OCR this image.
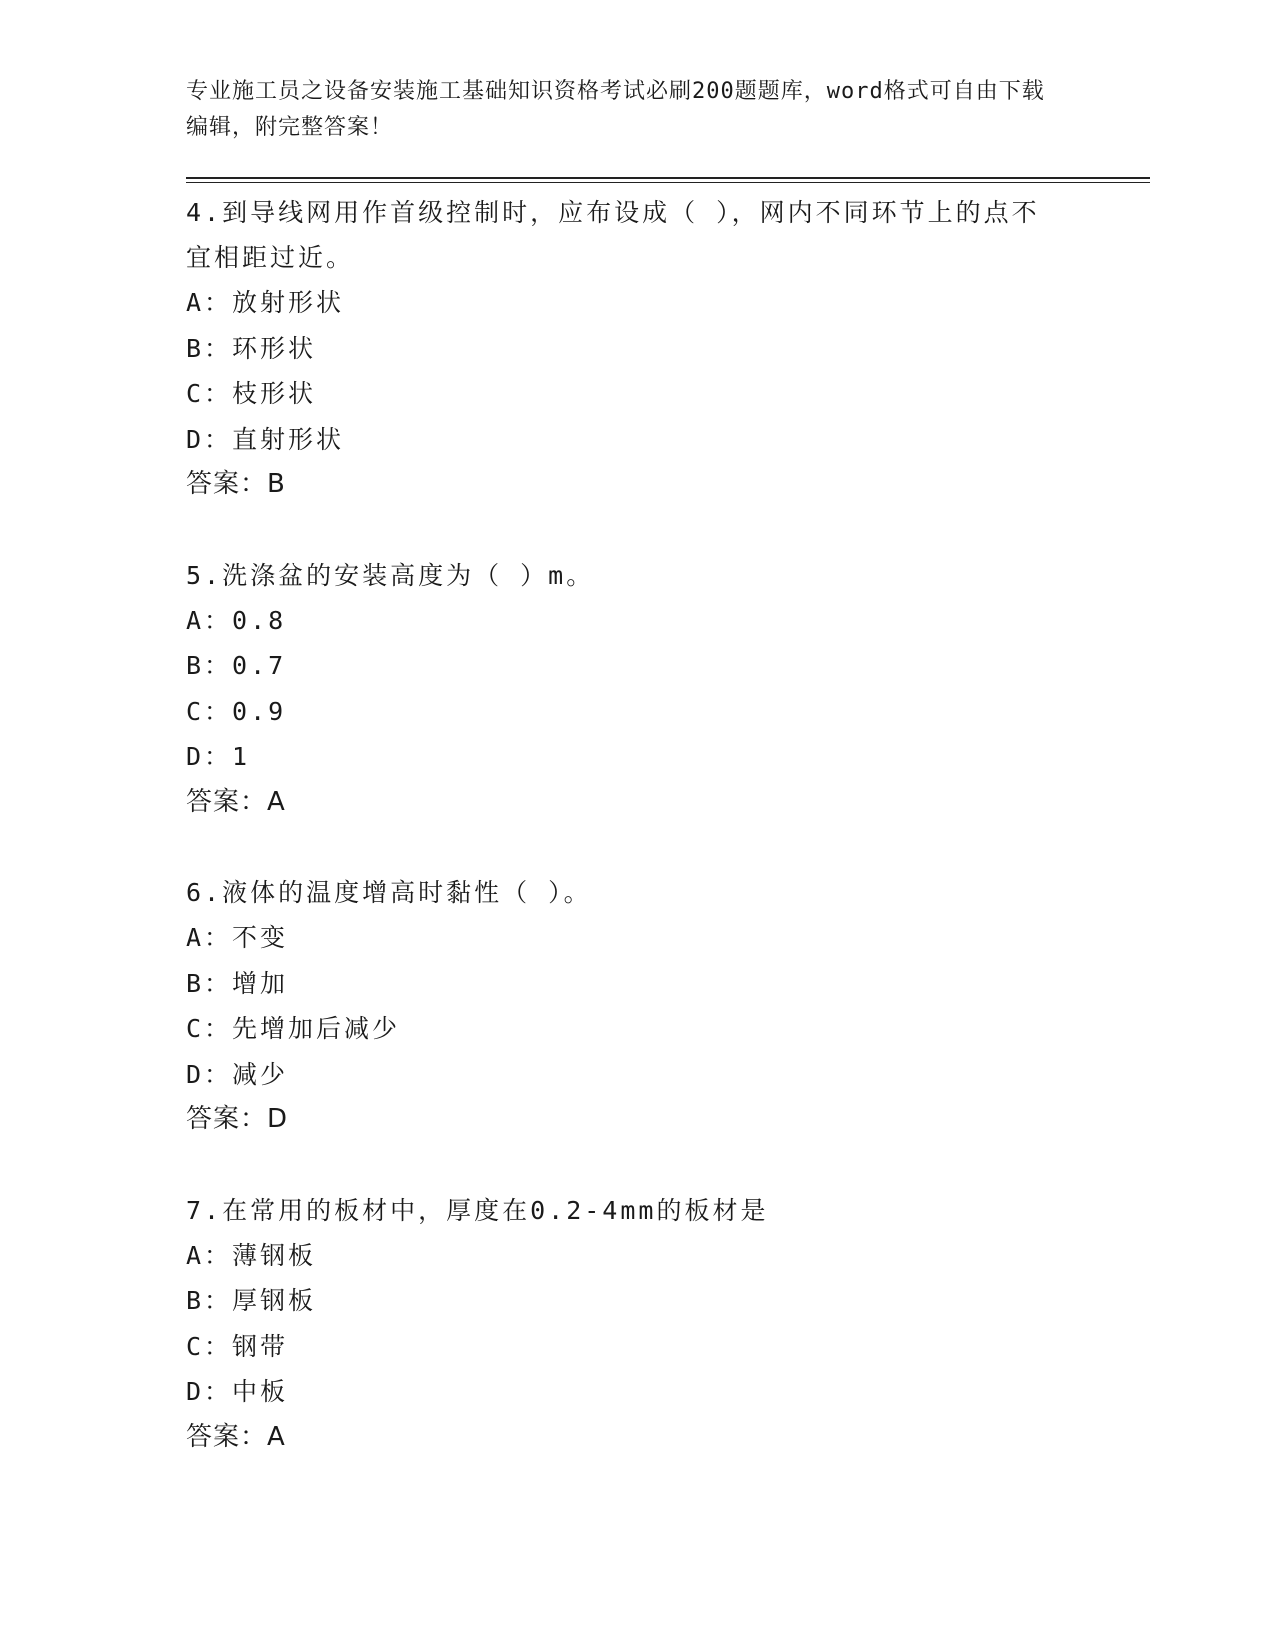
专业施工员之设备安装施工基础知识资格考试必刷200题题库，word格式可自由下载编辑，附完整答案！
4.到导线网用作首级控制时，应布设成（ ），网内不同环节上的点不宜相距过近。
A：放射形状
B：环形状
C：枝形状
D：直射形状
答案：B
5.洗涤盆的安装高度为（ ）m。
A：0.8
B：0.7
C：0.9
D：1
答案：A
6.液体的温度增高时黏性（ ）。
A：不变
B：增加
C：先增加后减少
D：减少
答案：D
7.在常用的板材中，厚度在0.2-4mm的板材是
A：薄钢板
B：厚钢板
C：钢带
D：中板
答案：A
